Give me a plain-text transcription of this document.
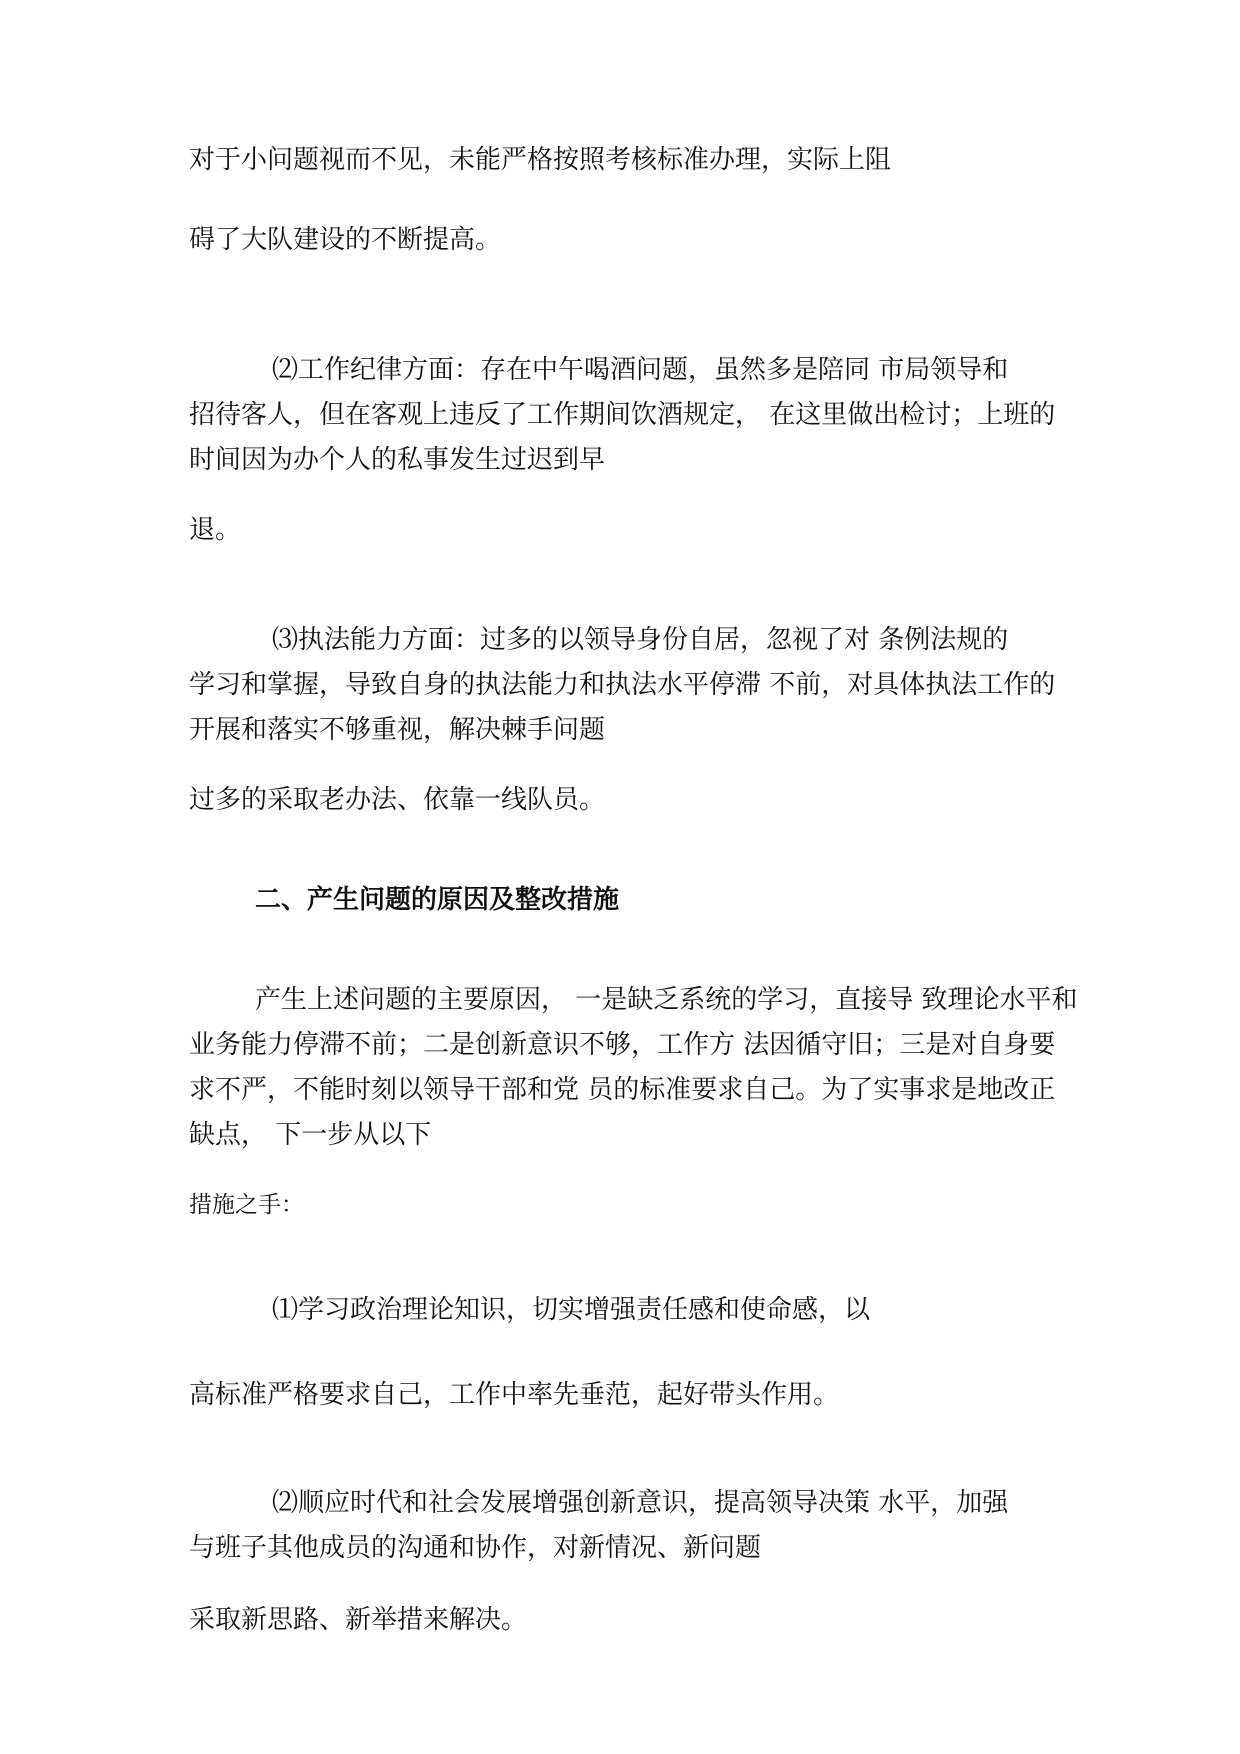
对于小问题视而不见，未能严格按照考核标准办理，实际上阻

碍了大队建设的不断提高。

⑵工作纪律方面：存在中午喝酒问题，虽然多是陪同 市局领导和

招待客人，但在客观上违反了工作期间饮酒规定， 在这里做出检讨；上班的

时间因为办个人的私事发生过迟到早

退。

⑶执法能力方面：过多的以领导身份自居，忽视了对 条例法规的

学习和掌握，导致自身的执法能力和执法水平停滞 不前，对具体执法工作的

开展和落实不够重视，解决棘手问题

过多的采取老办法、依靠一线队员。

二、产生问题的原因及整改措施

产生上述问题的主要原因， 一是缺乏系统的学习，直接导 致理论水平和

业务能力停滞不前；二是创新意识不够，工作方 法因循守旧；三是对自身要

求不严，不能时刻以领导干部和党 员的标准要求自己。为了实事求是地改正

缺点， 下一步从以下

措施之手：

⑴学习政治理论知识，切实增强责任感和使命感，以

高标准严格要求自己，工作中率先垂范，起好带头作用。

⑵顺应时代和社会发展增强创新意识，提高领导决策 水平，加强

与班子其他成员的沟通和协作，对新情况、新问题

采取新思路、新举措来解决。
